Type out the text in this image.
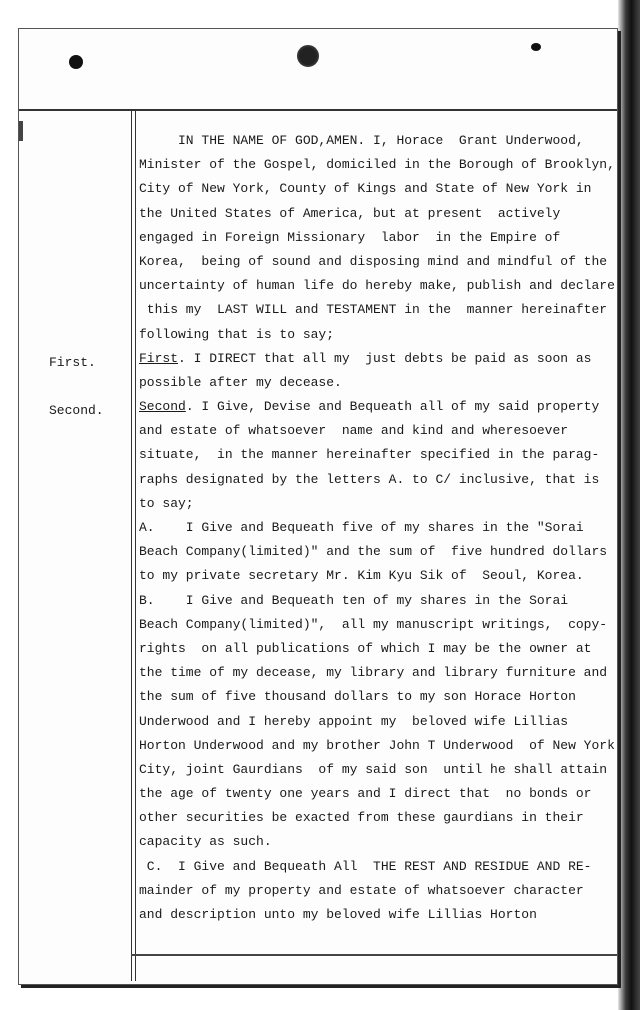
First.
Second.
IN THE NAME OF GOD,AMEN. I, Horace  Grant Underwood,
Minister of the Gospel, domiciled in the Borough of Brooklyn,
City of New York, County of Kings and State of New York in
the United States of America, but at present  actively
engaged in Foreign Missionary  labor  in the Empire of
Korea,  being of sound and disposing mind and mindful of the
uncertainty of human life do hereby make, publish and declare
this my  LAST WILL and TESTAMENT in the  manner hereinafter
following that is to say;
First. I DIRECT that all my  just debts be paid as soon as
possible after my decease.
Second. I Give, Devise and Bequeath all of my said property
and estate of whatsoever  name and kind and wheresoever
situate,  in the manner hereinafter specified in the parag-
raphs designated by the letters A. to C/ inclusive, that is
to say;
A.    I Give and Bequeath five of my shares in the "Sorai
Beach Company(limited)" and the sum of  five hundred dollars
to my private secretary Mr. Kim Kyu Sik of  Seoul, Korea.
B.    I Give and Bequeath ten of my shares in the Sorai
Beach Company(limited)",  all my manuscript writings,  copy-
rights  on all publications of which I may be the owner at
the time of my decease, my library and library furniture and
the sum of five thousand dollars to my son Horace Horton
Underwood and I hereby appoint my  beloved wife Lillias
Horton Underwood and my brother John T Underwood  of New York
City, joint Gaurdians  of my said son  until he shall attain
the age of twenty one years and I direct that  no bonds or
other securities be exacted from these gaurdians in their
capacity as such.
C.  I Give and Bequeath All  THE REST AND RESIDUE AND RE-
mainder of my property and estate of whatsoever character
and description unto my beloved wife Lillias Horton
